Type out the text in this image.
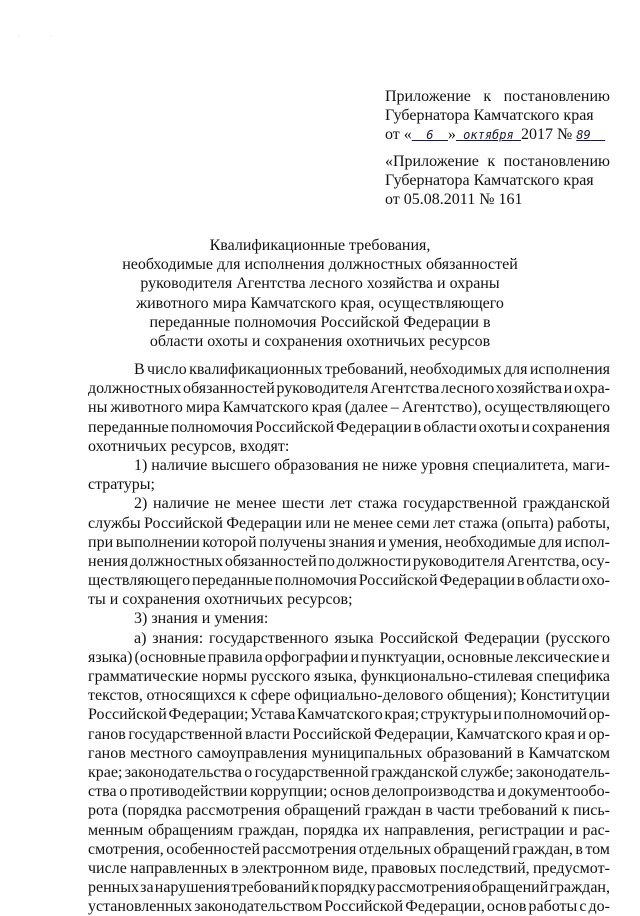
· ·
Приложение к постановлению
Губернатора Камчатского края
от « 6 » октября 2017 № 89
«Приложение к постановлению
Губернатора Камчатского края
от 05.08.2011 № 161
Квалификационные требования,
необходимые для исполнения должностных обязанностей
руководителя Агентства лесного хозяйства и охраны
животного мира Камчатского края, осуществляющего
переданные полномочия Российской Федерации в
области охоты и сохранения охотничьих ресурсов
В число квалификационных требований, необходимых для исполнения
должностных обязанностей руководителя Агентства лесного хозяйства и охра-
ны животного мира Камчатского края (далее – Агентство), осуществляющего
переданные полномочия Российской Федерации в области охоты и сохранения
охотничьих ресурсов, входят:
1) наличие высшего образования не ниже уровня специалитета, маги-
стратуры;
2) наличие не менее шести лет стажа государственной гражданской
службы Российской Федерации или не менее семи лет стажа (опыта) работы,
при выполнении которой получены знания и умения, необходимые для испол-
нения должностных обязанностей по должности руководителя Агентства, осу-
ществляющего переданные полномочия Российской Федерации в области охо-
ты и сохранения охотничьих ресурсов;
3) знания и умения:
а) знания: государственного языка Российской Федерации (русского
языка) (основные правила орфографии и пунктуации, основные лексические и
грамматические нормы русского языка, функционально-стилевая специфика
текстов, относящихся к сфере официально-делового общения); Конституции
Российской Федерации; Устава Камчатского края; структуры и полномочий ор-
ганов государственной власти Российской Федерации, Камчатского края и ор-
ганов местного самоуправления муниципальных образований в Камчатском
крае; законодательства о государственной гражданской службе; законодатель-
ства о противодействии коррупции; основ делопроизводства и документообо-
рота (порядка рассмотрения обращений граждан в части требований к пись-
менным обращениям граждан, порядка их направления, регистрации и рас-
смотрения, особенностей рассмотрения отдельных обращений граждан, в том
числе направленных в электронном виде, правовых последствий, предусмот-
ренных за нарушения требований к порядку рассмотрения обращений граждан,
установленных законодательством Российской Федерации, основ работы с до-
